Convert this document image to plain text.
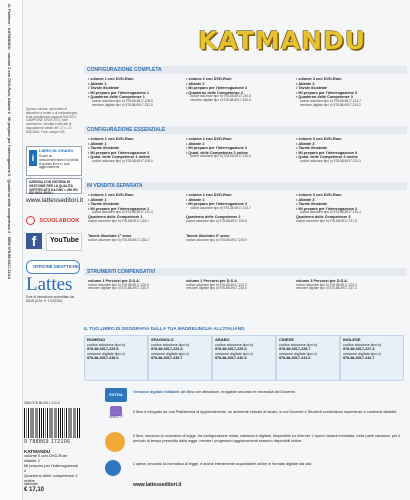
G. Pontiero · KATMANDU · volume 2 con DVD-Rom, Atlante 2 · Mi preparo per l'interrogazione 2 · Quaderno delle competenze 2 · ISBN 978-88-6917-210-6
Questo volume, sprovvisto di talloncino a fronte o di contrassegno, è da considerarsi copia di SAGGIO-CAMPIONE GRATUITO, fuori commercio. Vendita e altri atti di disposizione vietati: art. 17 c. 2 L. 633/1941. Fuori campo IVA.
i
LIBRO IN CHIARO
Scopri su www.libroinchiaro.it la storia di questo libro e i suoi aggiornamenti
AZIENDA CON SISTEMA DI GESTIONE PER LA QUALITÀ CERTIFICATO DA DNV = UNI EN ISO 9001:2008 =
www.lattesseditori.it
SCUOLABOOK
f	YouTube
OFFICINE DIDATTICHE
Lattes
Ente di formazione accreditato dal MIUR (D.M. n° 170/2016)
KATMANDU
CONFIGURAZIONE COMPLETA
• volume 1 con DVD-Rom
• Atlante 1
• Tavole illustrate
• Mi preparo per l'interrogazione 1
• Quaderno delle Competenze 1
codice adozione tipo b) 978-88-6917-206-9
versione digitale tipo c) 978-88-6917-232-8
• volume 2 con DVD-Rom
• Atlante 2
• Mi preparo per l'interrogazione 2
• Quaderno delle Competenze 2
codice adozione tipo b) 978-88-6917-210-6
versione digitale tipo c) 978-88-6917-233-5
• volume 3 con DVD-Rom
• Atlante 3
• Tavole illustrate
• Mi preparo per l'interrogazione 3
• Quaderno delle Competenze 3
codice adozione tipo b) 978-88-6917-213-7
versione digitale tipo c) 978-88-6917-234-2
CONFIGURAZIONE ESSENZIALE
• volume 1 con DVD-Rom
• Atlante 1
• Tavole illustrate
• Mi preparo per l'interrogazione 1
• Quad. delle Competenze 1 online
codice adozione tipo b) 978-88-6917-209-0
• volume 2 con DVD-Rom
• Atlante 2
• Mi preparo per l'interrogazione 2
• Quad. delle Competenze 2 online
codice adozione tipo b) 978-88-6917-210-6
• volume 3 con DVD-Rom
• Atlante 3
• Tavole illustrate
• Mi preparo per l'interrogazione 3
• Quad. delle Competenze 3 online
codice adozione tipo b) 978-88-6917-211-3
IN VENDITA SEPARATA
• volume 1 con DVD-Rom
• Atlante 1
• Tavole illustrate
• Mi preparo per l'interrogazione 1
codice adozione tipo b) 978-88-6917-212-0
• volume 2 con DVD-Rom
• Atlante 2
• Mi preparo per l'interrogazione 2
codice adozione tipo b) 978-88-6917-213-7
• volume 3 con DVD-Rom
• Atlante 3
• Tavole illustrate
• Mi preparo per l'interrogazione 3
codice adozione tipo b) 978-88-6917-214-4
Quaderno delle Competenze 1
codice adozione tipo b) 978-88-6917-215-1
Quaderno delle Competenze 2
codice adozione tipo b) 978-88-6917-216-8
Quaderno delle Competenze 3
codice adozione tipo b) 978-88-6917-217-5
Tavole illustrate 1° anno
codice adozione tipo b) 978-88-6917-218-2
Tavole illustrate 3° anno
codice adozione tipo b) 978-88-6917-219-9
STRUMENTI COMPENSATIVI
volume 1 Percorsi per D.S.A.
codice adozione tipo b) 978-88-6917-220-5
versione digitale tipo c) 978-88-6917-235-9
volume 2 Percorsi per D.S.A.
codice adozione tipo b) 978-88-6917-221-2
versione digitale tipo c) 978-88-6917-236-6
volume 3 Percorsi per D.S.A.
codice adozione tipo b) 978-88-6917-222-9
versione digitale tipo c) 978-88-6917-237-3
IL TUO LIBRO DI GEOGRAFIA DALLA TUA MADRELINGUA ALL'ITALIANO
ROMENO
codice adozione tipo b)
978-88-6917-223-6
versione digitale tipo c)
978-88-6917-238-0
SPAGNOLO
codice adozione tipo b)
978-88-6917-224-3
versione digitale tipo c)
978-88-6917-239-7
ARABO
codice adozione tipo b)
978-88-6917-225-0
versione digitale tipo c)
978-88-6917-240-3
CINESE
codice adozione tipo b)
978-88-6917-226-7
versione digitale tipo c)
978-88-6917-241-0
INGLESE
codice adozione tipo b)
978-88-6917-227-4
versione digitale tipo c)
978-88-6917-242-7
ISBN 978-88-6917-210-6
9 788869 172106
KATMANDU
volume 2 con DVD-Rom
Atlante 2
Mi preparo per l'interrogazione 2
Quaderno delle competenze 2
online
indivisibili
€ 17,10
EXTRA	Versione digitale editabile del libro con attivazioni, erogabile secondo le necessità del Docente.
SMART-IT
Il libro è integrato da una Piattaforma di Apprendimento, un ambiente virtuale di studio, in cui Docente e Studenti condividono esperienze e contenuti didattici.
Il libro, secondo la normativa di legge, ha configurazione mista, cartacea e digitale, disponibile su Internet. L'opera rimarrà immutata, nella parte cartacea, per il periodo di tempo prescritto dalla legge, mentre i progressivi aggiornamenti saranno disponibili online.
L'opera, secondo la normativa di legge, è anche interamente acquistabile online in formato digitale dal sito:
www.lattesseditori.it
